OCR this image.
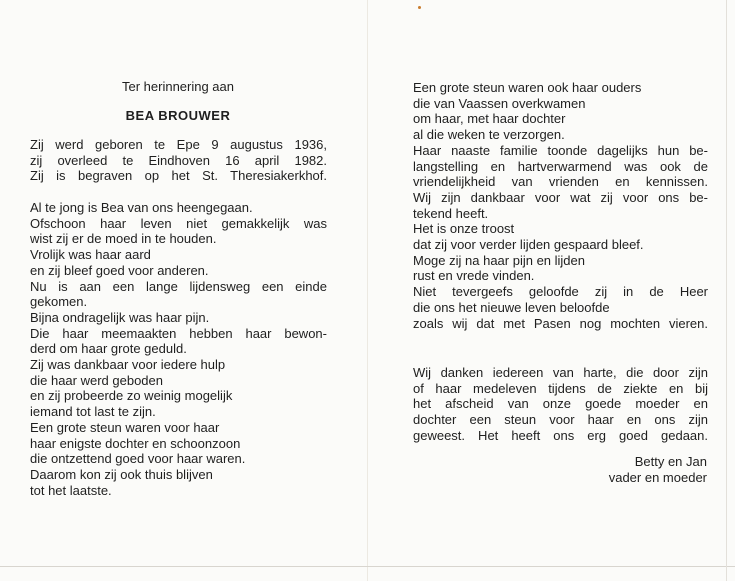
Ter herinnering aan
BEA BROUWER
Zij werd geboren te Epe 9 augustus 1936,
zij overleed te Eindhoven 16 april 1982.
Zij is begraven op het St. Theresiakerkhof.
Al te jong is Bea van ons heengegaan.
Ofschoon haar leven niet gemakkelijk was
wist zij er de moed in te houden.
Vrolijk was haar aard
en zij bleef goed voor anderen.
Nu is aan een lange lijdensweg een einde
gekomen.
Bijna ondragelijk was haar pijn.
Die haar meemaakten hebben haar bewon-
derd om haar grote geduld.
Zij was dankbaar voor iedere hulp
die haar werd geboden
en zij probeerde zo weinig mogelijk
iemand tot last te zijn.
Een grote steun waren voor haar
haar enigste dochter en schoonzoon
die ontzettend goed voor haar waren.
Daarom kon zij ook thuis blijven
tot het laatste.
Een grote steun waren ook haar ouders
die van Vaassen overkwamen
om haar, met haar dochter
al die weken te verzorgen.
Haar naaste familie toonde dagelijks hun be-
langstelling en hartverwarmend was ook de
vriendelijkheid van vrienden en kennissen.
Wij zijn dankbaar voor wat zij voor ons be-
tekend heeft.
Het is onze troost
dat zij voor verder lijden gespaard bleef.
Moge zij na haar pijn en lijden
rust en vrede vinden.
Niet tevergeefs geloofde zij in de Heer
die ons het nieuwe leven beloofde
zoals wij dat met Pasen nog mochten vieren.
Wij danken iedereen van harte, die door zijn
of haar medeleven tijdens de ziekte en bij
het afscheid van onze goede moeder en
dochter een steun voor haar en ons zijn
geweest. Het heeft ons erg goed gedaan.
Betty en Jan
vader en moeder
